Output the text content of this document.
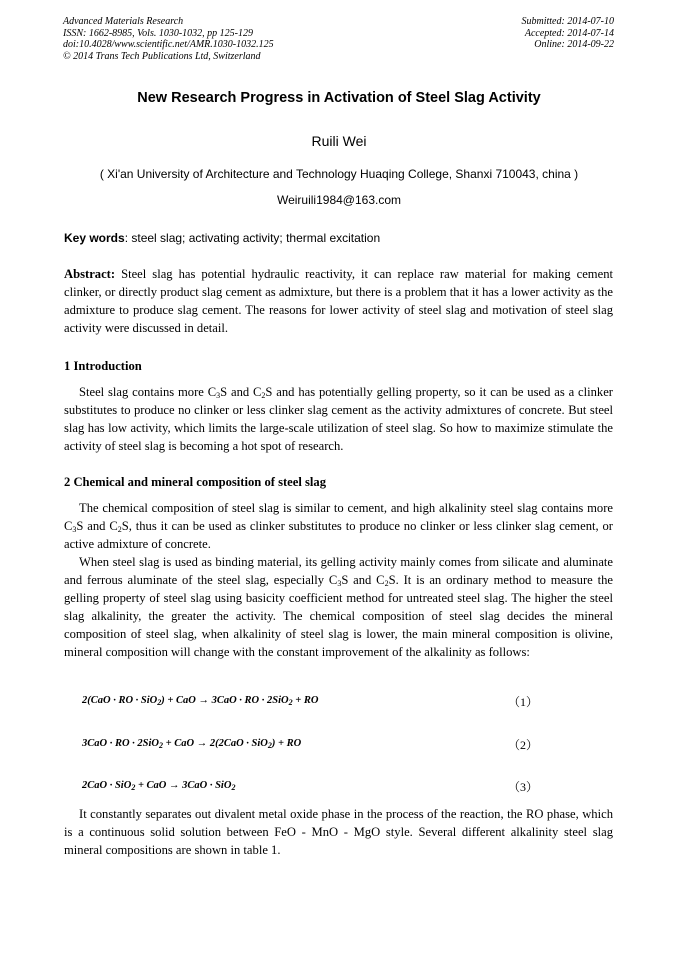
Advanced Materials Research
ISSN: 1662-8985, Vols. 1030-1032, pp 125-129
doi:10.4028/www.scientific.net/AMR.1030-1032.125
© 2014 Trans Tech Publications Ltd, Switzerland
Submitted: 2014-07-10
Accepted: 2014-07-14
Online: 2014-09-22
New Research Progress in Activation of Steel Slag Activity
Ruili Wei
( Xi'an University of Architecture and Technology Huaqing College, Shanxi 710043, china )
Weiruili1984@163.com
Key words: steel slag; activating activity; thermal excitation

Abstract: Steel slag has potential hydraulic reactivity, it can replace raw material for making cement clinker, or directly product slag cement as admixture, but there is a problem that it has a lower activity as the admixture to produce slag cement. The reasons for lower activity of steel slag and motivation of steel slag activity were discussed in detail.

1 Introduction

Steel slag contains more $C_3S$ and $C_2S$ and has potentially gelling property, so it can be used as a clinker substitutes to produce no clinker or less clinker slag cement as the activity admixtures of concrete. But steel slag has low activity, which limits the large-scale utilization of steel slag. So how to maximize stimulate the activity of steel slag is becoming a hot spot of research.

2 Chemical and mineral composition of steel slag

The chemical composition of steel slag is similar to cement, and high alkalinity steel slag contains more $C_3S$ and $C_2S$, thus it can be used as clinker substitutes to produce no clinker or less clinker slag cement, or active admixture of concrete.

When steel slag is used as binding material, its gelling activity mainly comes from silicate and aluminate and ferrous aluminate of the steel slag, especially $C_3S$ and $C_2S$. It is an ordinary method to measure the gelling property of steel slag using basicity coefficient method for untreated steel slag. The higher the steel slag alkalinity, the greater the activity. The chemical composition of steel slag decides the mineral composition of steel slag, when alkalinity of steel slag is lower, the main mineral composition is olivine, mineral composition will change with the constant improvement of the alkalinity as follows:

2(CaO · RO · SiO$_2$) + CaO → 3CaO · RO · 2SiO$_2$ + RO	（1）
3CaO · RO · 2SiO$_2$ + CaO → 2(2CaO · SiO$_2$) + RO	（2）
2CaO · SiO$_2$ + CaO → 3CaO · SiO$_2$	（3）

It constantly separates out divalent metal oxide phase in the process of the reaction, the RO phase, which is a continuous solid solution between FeO - MnO - MgO style. Several different alkalinity steel slag mineral compositions are shown in table 1.
